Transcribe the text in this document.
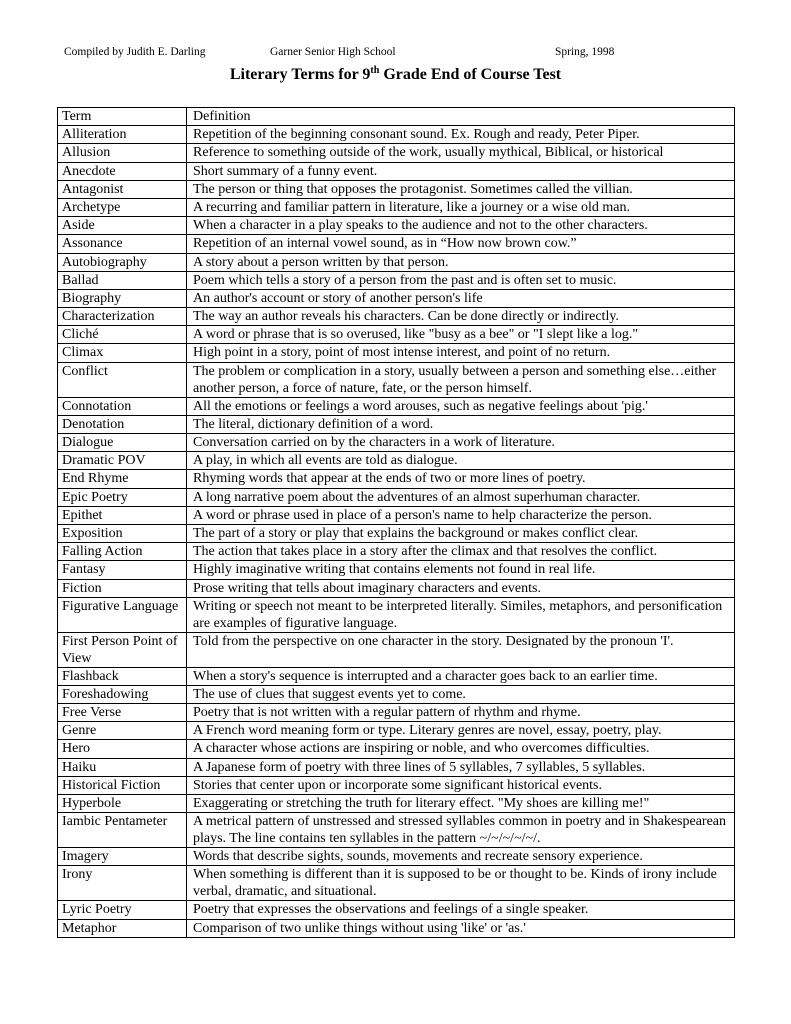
Compiled by Judith E. Darling	Garner Senior High School	Spring, 1998
Literary Terms for 9th Grade End of Course Test
Term	Definition
Alliteration	Repetition of the beginning consonant sound. Ex. Rough and ready, Peter Piper.
Allusion	Reference to something outside of the work, usually mythical, Biblical, or historical
Anecdote	Short summary of a funny event.
Antagonist	The person or thing that opposes the protagonist. Sometimes called the villian.
Archetype	A recurring and familiar pattern in literature, like a journey or a wise old man.
Aside	When a character in a play speaks to the audience and not to the other characters.
Assonance	Repetition of an internal vowel sound, as in “How now brown cow.”
Autobiography	A story about a person written by that person.
Ballad	Poem which tells a story of a person from the past and is often set to music.
Biography	An author's account or story of another person's life
Characterization	The way an author reveals his characters. Can be done directly or indirectly.
Cliché	A word or phrase that is so overused, like "busy as a bee" or "I slept like a log."
Climax	High point in a story, point of most intense interest, and point of no return.
Conflict	The problem or complication in a story, usually between a person and something else…either another person, a force of nature, fate, or the person himself.
Connotation	All the emotions or feelings a word arouses, such as negative feelings about 'pig.'
Denotation	The literal, dictionary definition of a word.
Dialogue	Conversation carried on by the characters in a work of literature.
Dramatic POV	A play, in which all events are told as dialogue.
End Rhyme	Rhyming words that appear at the ends of two or more lines of poetry.
Epic Poetry	A long narrative poem about the adventures of an almost superhuman character.
Epithet	A word or phrase used in place of a person's name to help characterize the person.
Exposition	The part of a story or play that explains the background or makes conflict clear.
Falling Action	The action that takes place in a story after the climax and that resolves the conflict.
Fantasy	Highly imaginative writing that contains elements not found in real life.
Fiction	Prose writing that tells about imaginary characters and events.
Figurative Language	Writing or speech not meant to be interpreted literally. Similes, metaphors, and personification are examples of figurative language.
First Person Point of View	Told from the perspective on one character in the story. Designated by the pronoun 'I'.
Flashback	When a story's sequence is interrupted and a character goes back to an earlier time.
Foreshadowing	The use of clues that suggest events yet to come.
Free Verse	Poetry that is not written with a regular pattern of rhythm and rhyme.
Genre	A French word meaning form or type. Literary genres are novel, essay, poetry, play.
Hero	A character whose actions are inspiring or noble, and who overcomes difficulties.
Haiku	A Japanese form of poetry with three lines of 5 syllables, 7 syllables, 5 syllables.
Historical Fiction	Stories that center upon or incorporate some significant historical events.
Hyperbole	Exaggerating or stretching the truth for literary effect. "My shoes are killing me!"
Iambic Pentameter	A metrical pattern of unstressed and stressed syllables common in poetry and in Shakespearean plays. The line contains ten syllables in the pattern ~/~/~/~/~/.
Imagery	Words that describe sights, sounds, movements and recreate sensory experience.
Irony	When something is different than it is supposed to be or thought to be. Kinds of irony include verbal, dramatic, and situational.
Lyric Poetry	Poetry that expresses the observations and feelings of a single speaker.
Metaphor	Comparison of two unlike things without using 'like' or 'as.'
